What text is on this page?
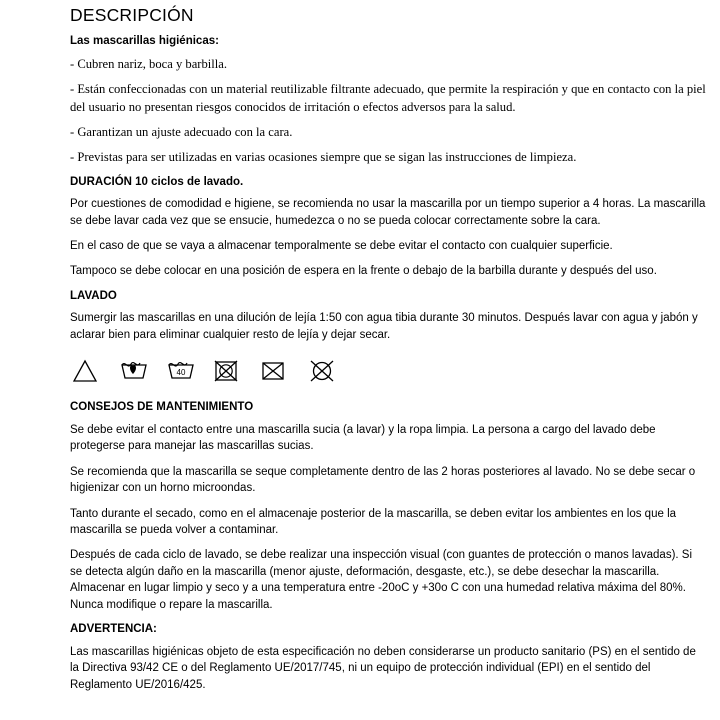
DESCRIPCIÓN
Las mascarillas higiénicas:

- Cubren nariz, boca y barbilla.

- Están confeccionadas con un material reutilizable filtrante adecuado, que permite la respiración y que en contacto con la piel del usuario no presentan riesgos conocidos de irritación o efectos adversos para la salud.

- Garantizan un ajuste adecuado con la cara.

- Previstas para ser utilizadas en varias ocasiones siempre que se sigan las instrucciones de limpieza.

DURACIÓN 10 ciclos de lavado.

Por cuestiones de comodidad e higiene, se recomienda no usar la mascarilla por un tiempo superior a 4 horas. La mascarilla se debe lavar cada vez que se ensucie, humedezca o no se pueda colocar correctamente sobre la cara.

En el caso de que se vaya a almacenar temporalmente se debe evitar el contacto con cualquier superficie.

Tampoco se debe colocar en una posición de espera en la frente o debajo de la barbilla durante y después del uso.

LAVADO

Sumergir las mascarillas en una dilución de lejía 1:50 con agua tibia durante 30 minutos. Después lavar con agua y jabón y aclarar bien para eliminar cualquier resto de lejía y dejar secar.

40
CONSEJOS DE MANTENIMIENTO

Se debe evitar el contacto entre una mascarilla sucia (a lavar) y la ropa limpia. La persona a cargo del lavado debe protegerse para manejar las mascarillas sucias.

Se recomienda que la mascarilla se seque completamente dentro de las 2 horas posteriores al lavado. No se debe secar o higienizar con un horno microondas.

Tanto durante el secado, como en el almacenaje posterior de la mascarilla, se deben evitar los ambientes en los que la mascarilla se pueda volver a contaminar.

Después de cada ciclo de lavado, se debe realizar una inspección visual (con guantes de protección o manos lavadas). Si se detecta algún daño en la mascarilla (menor ajuste, deformación, desgaste, etc.), se debe desechar la mascarilla. Almacenar en lugar limpio y seco y a una temperatura entre -20oC y +30o C con una humedad relativa máxima del 80%. Nunca modifique o repare la mascarilla.

ADVERTENCIA:

Las mascarillas higiénicas objeto de esta especificación no deben considerarse un producto sanitario (PS) en el sentido de la Directiva 93/42 CE o del Reglamento UE/2017/745, ni un equipo de protección individual (EPI) en el sentido del Reglamento UE/2016/425.
